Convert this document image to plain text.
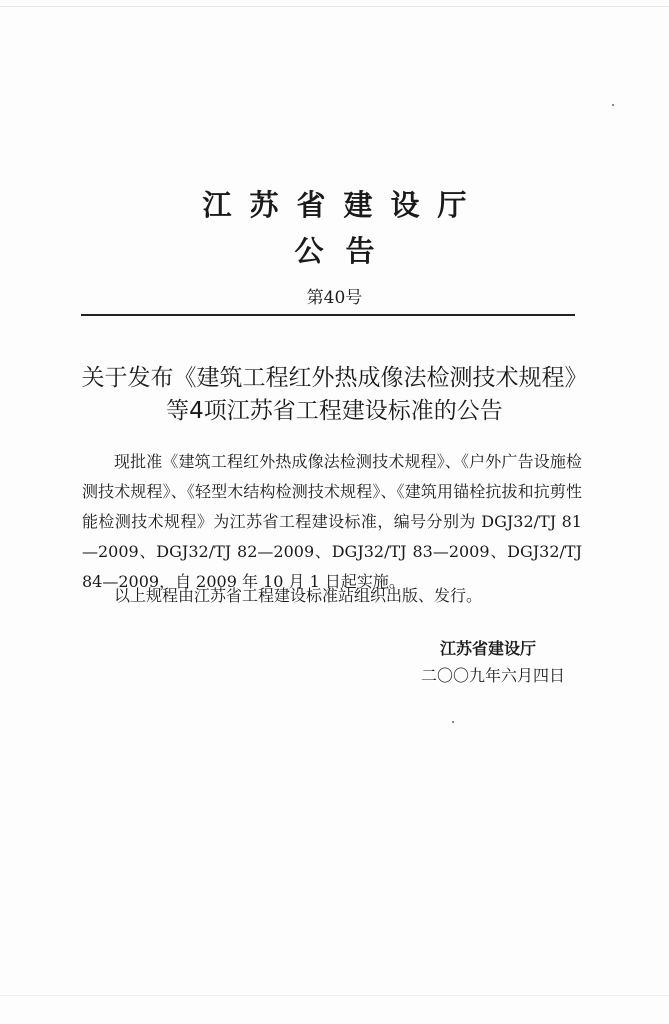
江苏省建设厅
公告
第40号
关于发布《建筑工程红外热成像法检测技术规程》
等4项江苏省工程建设标准的公告
现批准《建筑工程红外热成像法检测技术规程》、《户外广告设施检测技术规程》、《轻型木结构检测技术规程》、《建筑用锚栓抗拔和抗剪性能检测技术规程》为江苏省工程建设标准，编号分别为 DGJ32/TJ 81—2009、DGJ32/TJ 82—2009、DGJ32/TJ 83—2009、DGJ32/TJ 84—2009，自 2009 年 10 月 1 日起实施。
以上规程由江苏省工程建设标准站组织出版、发行。
江苏省建设厅
二〇〇九年六月四日
